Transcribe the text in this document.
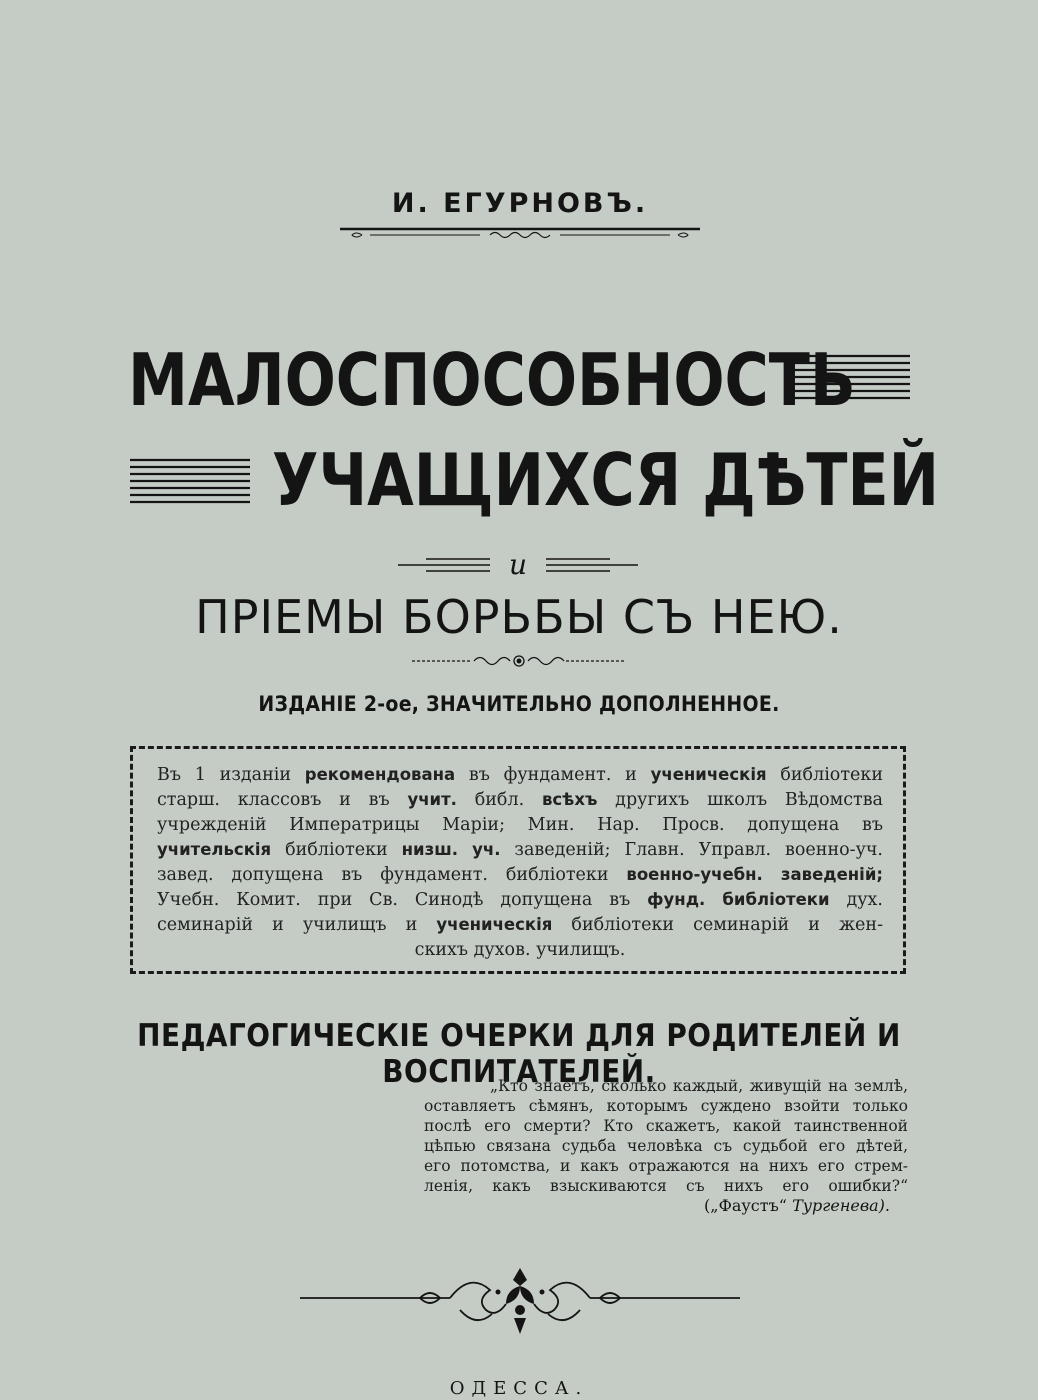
И. ЕГУРНОВЪ.
МАЛОСПОСОБНОСТЬ
УЧАЩИХСЯ ДѢТЕЙ
и
ПРІЕМЫ БОРЬБЫ СЪ НЕЮ.
ИЗДАНІЕ 2-ое, ЗНАЧИТЕЛЬНО ДОПОЛНЕННОЕ.
Въ 1 изданіи рекомендована въ фундамент. и ученическія библіотеки
старш. классовъ и въ учит. библ. всѣхъ другихъ школъ Вѣдомства
учрежденій Императрицы Маріи; Мин. Нар. Просв. допущена въ
учительскія библіотеки низш. уч. заведеній; Главн. Управл. военно-уч.
завед. допущена въ фундамент. библіотеки военно-учебн. заведеній;
Учебн. Комит. при Св. Синодѣ допущена въ фунд. библіотеки дух.
семинарій и училищъ и ученическія библіотеки семинарій и жен-
скихъ духов. училищъ.
ПЕДАГОГИЧЕСКІЕ ОЧЕРКИ ДЛЯ РОДИТЕЛЕЙ И ВОСПИТАТЕЛЕЙ.
„Кто знаетъ, сколько каждый, живущій на землѣ,
оставляетъ сѣмянъ, которымъ суждено взойти только
послѣ его смерти? Кто скажетъ, какой таинственной
цѣпью связана судьба человѣка съ судьбой его дѣтей,
его потомства, и какъ отражаются на нихъ его стрем-
ленія, какъ взыскиваются съ нихъ его ошибки?“
(„Фаустъ“ Тургенева).
ОДЕССА.
